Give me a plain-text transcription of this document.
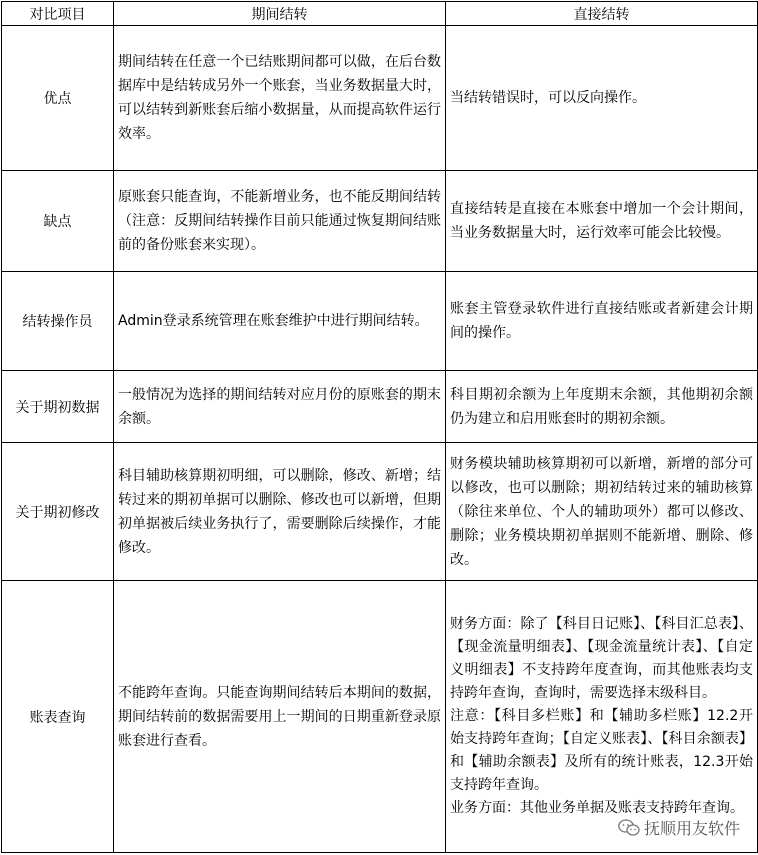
对比项目	期间结转	直接结转
优点	期间结转在任意一个已结账期间都可以做，在后台数据库中是结转成另外一个账套，当业务数据量大时，可以结转到新账套后缩小数据量，从而提高软件运行效率。	当结转错误时，可以反向操作。

缺点	原账套只能查询，不能新增业务，也不能反期间结转（注意：反期间结转操作目前只能通过恢复期间结账前的备份账套来实现）。	直接结转是直接在本账套中增加一个会计期间，当业务数据量大时，运行效率可能会比较慢。

结转操作员	Admin登录系统管理在账套维护中进行期间结转。	账套主管登录软件进行直接结账或者新建会计期间的操作。

关于期初数据	一般情况为选择的期间结转对应月份的原账套的期末余额。	科目期初余额为上年度期末余额，其他期初余额仍为建立和启用账套时的期初余额。

关于期初修改	科目辅助核算期初明细，可以删除，修改、新增；结转过来的期初单据可以删除、修改也可以新增，但期初单据被后续业务执行了，需要删除后续操作，才能修改。	财务模块辅助核算期初可以新增，新增的部分可以修改，也可以删除；期初结转过来的辅助核算（除往来单位、个人的辅助项外）都可以修改、删除；业务模块期初单据则不能新增、删除、修改。

账表查询	不能跨年查询。只能查询期间结转后本期间的数据，期间结转前的数据需要用上一期间的日期重新登录原账套进行查看。	财务方面：除了【科目日记账】、【科目汇总表】、【现金流量明细表】、【现金流量统计表】、【自定义明细表】不支持跨年度查询，而其他账表均支持跨年查询，查询时，需要选择末级科目。
注意：【科目多栏账】和【辅助多栏账】12.2开始支持跨年查询；【自定义账表】、【科目余额表】和【辅助余额表】及所有的统计账表，12.3开始支持跨年查询。
业务方面：其他业务单据及账表支持跨年查询。
抚顺用友软件
